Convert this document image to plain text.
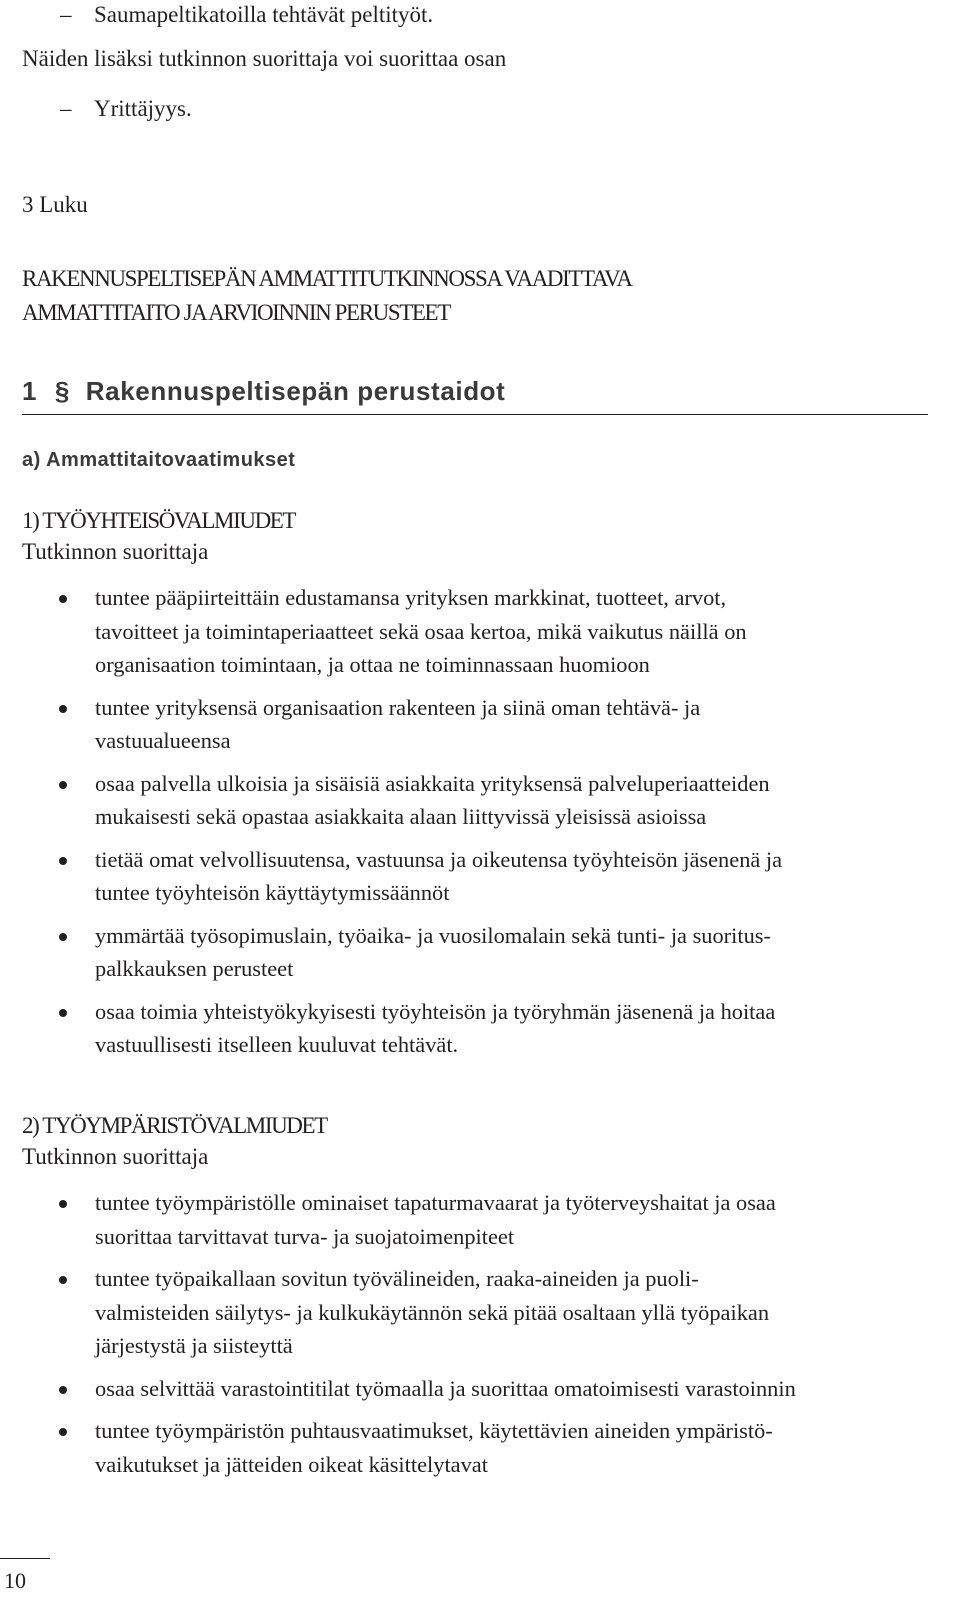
– Saumapeltikatoilla tehtävät peltityöt.
Näiden lisäksi tutkinnon suorittaja voi suorittaa osan
– Yrittäjyys.
3 Luku
RAKENNUSPELTISEPÄN AMMATTITUTKINNOSSA VAADITTAVA
AMMATTITAITO JA ARVIOINNIN PERUSTEET
1 § Rakennuspeltisepän perustaidot
a) Ammattitaitovaatimukset
1) TYÖYHTEISÖVALMIUDET
Tutkinnon suorittaja
tuntee pääpiirteittäin edustamansa yrityksen markkinat, tuotteet, arvot,
tavoitteet ja toimintaperiaatteet sekä osaa kertoa, mikä vaikutus näillä on
organisaation toimintaan, ja ottaa ne toiminnassaan huomioon
tuntee yrityksensä organisaation rakenteen ja siinä oman tehtävä- ja
vastuualueensa
osaa palvella ulkoisia ja sisäisiä asiakkaita yrityksensä palveluperiaatteiden
mukaisesti sekä opastaa asiakkaita alaan liittyvissä yleisissä asioissa
tietää omat velvollisuutensa, vastuunsa ja oikeutensa työyhteisön jäsenenä ja
tuntee työyhteisön käyttäytymissäännöt
ymmärtää työsopimuslain, työaika- ja vuosilomalain sekä tunti- ja suoritus-
palkkauksen perusteet
osaa toimia yhteistyökykyisesti työyhteisön ja työryhmän jäsenenä ja hoitaa
vastuullisesti itselleen kuuluvat tehtävät.
2) TYÖYMPÄRISTÖVALMIUDET
Tutkinnon suorittaja
tuntee työympäristölle ominaiset tapaturmavaarat ja työterveyshaitat ja osaa
suorittaa tarvittavat turva- ja suojatoimenpiteet
tuntee työpaikallaan sovitun työvälineiden, raaka-aineiden ja puoli-
valmisteiden säilytys- ja kulkukäytännön sekä pitää osaltaan yllä työpaikan
järjestystä ja siisteyttä
osaa selvittää varastointitilat työmaalla ja suorittaa omatoimisesti varastoinnin
tuntee työympäristön puhtausvaatimukset, käytettävien aineiden ympäristö-
vaikutukset ja jätteiden oikeat käsittelytavat
10
